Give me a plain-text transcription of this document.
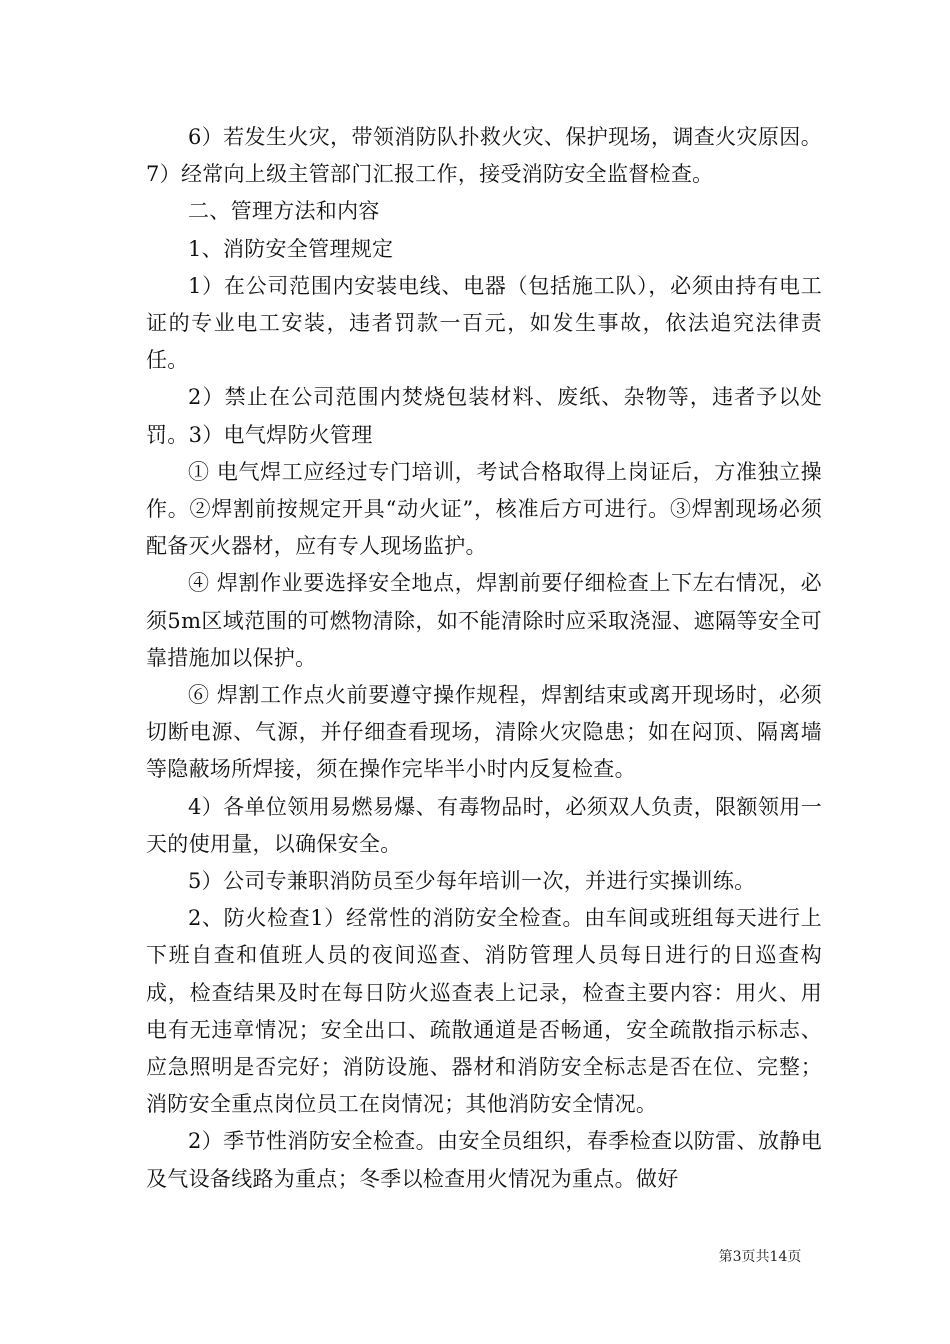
6）若发生火灾，带领消防队扑救火灾、保护现场，调查火灾原因。7）经常向上级主管部门汇报工作，接受消防安全监督检查。

二、管理方法和内容

1、消防安全管理规定

1）在公司范围内安装电线、电器（包括施工队），必须由持有电工证的专业电工安装，违者罚款一百元，如发生事故，依法追究法律责任。

2）禁止在公司范围内焚烧包装材料、废纸、杂物等，违者予以处罚。3）电气焊防火管理

① 电气焊工应经过专门培训，考试合格取得上岗证后，方准独立操作。②焊割前按规定开具“动火证”，核准后方可进行。③焊割现场必须配备灭火器材，应有专人现场监护。

④ 焊割作业要选择安全地点，焊割前要仔细检查上下左右情况，必须5m区域范围的可燃物清除，如不能清除时应采取浇湿、遮隔等安全可靠措施加以保护。

⑥ 焊割工作点火前要遵守操作规程，焊割结束或离开现场时，必须切断电源、气源，并仔细查看现场，清除火灾隐患；如在闷顶、隔离墙等隐蔽场所焊接，须在操作完毕半小时内反复检查。

4）各单位领用易燃易爆、有毒物品时，必须双人负责，限额领用一天的使用量，以确保安全。

5）公司专兼职消防员至少每年培训一次，并进行实操训练。

2、防火检查1）经常性的消防安全检查。由车间或班组每天进行上下班自查和值班人员的夜间巡查、消防管理人员每日进行的日巡查构成，检查结果及时在每日防火巡查表上记录，检查主要内容：用火、用电有无违章情况；安全出口、疏散通道是否畅通，安全疏散指示标志、应急照明是否完好；消防设施、器材和消防安全标志是否在位、完整；消防安全重点岗位员工在岗情况；其他消防安全情况。

2）季节性消防安全检查。由安全员组织，春季检查以防雷、放静电及气设备线路为重点；冬季以检查用火情况为重点。做好

第3页共14页
